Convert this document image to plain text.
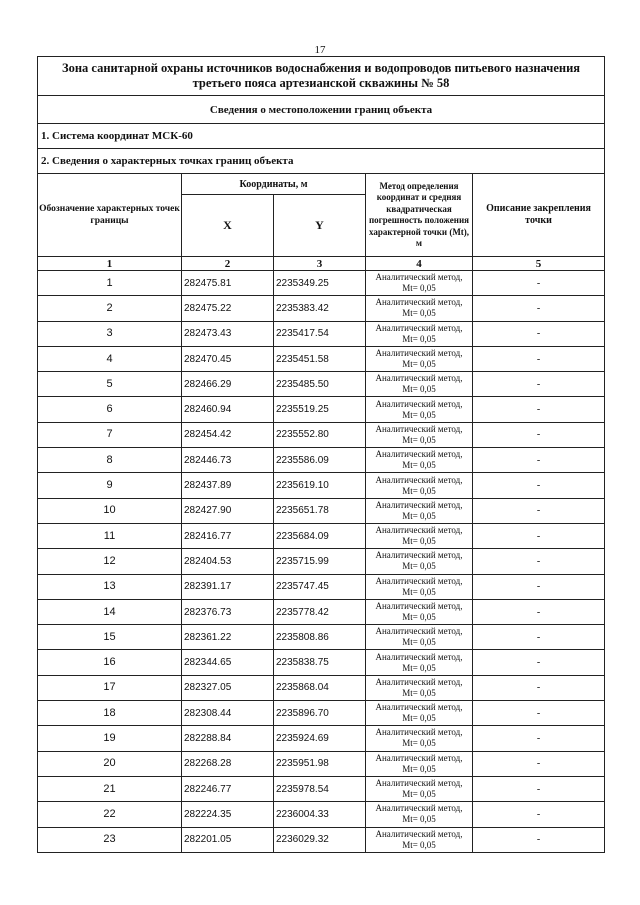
17
Зона санитарной охраны источников водоснабжения и водопроводов питьевого назначения третьего пояса артезианской скважины № 58				
Сведения о местоположении границ объекта				
1. Система координат МСК-60				
2. Сведения о характерных точках границ объекта				
Обозначение характерных точек границы	Координаты, м		Метод определения координат и средняя квадратическая погрешность положения характерной точки (Mt), м	Описание закрепления точки
	X	Y		
1	2	3	4	5
1	282475.81	2235349.25	Аналитический метод,
Mt= 0,05	-
2	282475.22	2235383.42	Аналитический метод,
Mt= 0,05	-
3	282473.43	2235417.54	Аналитический метод,
Mt= 0,05	-
4	282470.45	2235451.58	Аналитический метод,
Mt= 0,05	-
5	282466.29	2235485.50	Аналитический метод,
Mt= 0,05	-
6	282460.94	2235519.25	Аналитический метод,
Mt= 0,05	-
7	282454.42	2235552.80	Аналитический метод,
Mt= 0,05	-
8	282446.73	2235586.09	Аналитический метод,
Mt= 0,05	-
9	282437.89	2235619.10	Аналитический метод,
Mt= 0,05	-
10	282427.90	2235651.78	Аналитический метод,
Mt= 0,05	-
11	282416.77	2235684.09	Аналитический метод,
Mt= 0,05	-
12	282404.53	2235715.99	Аналитический метод,
Mt= 0,05	-
13	282391.17	2235747.45	Аналитический метод,
Mt= 0,05	-
14	282376.73	2235778.42	Аналитический метод,
Mt= 0,05	-
15	282361.22	2235808.86	Аналитический метод,
Mt= 0,05	-
16	282344.65	2235838.75	Аналитический метод,
Mt= 0,05	-
17	282327.05	2235868.04	Аналитический метод,
Mt= 0,05	-
18	282308.44	2235896.70	Аналитический метод,
Mt= 0,05	-
19	282288.84	2235924.69	Аналитический метод,
Mt= 0,05	-
20	282268.28	2235951.98	Аналитический метод,
Mt= 0,05	-
21	282246.77	2235978.54	Аналитический метод,
Mt= 0,05	-
22	282224.35	2236004.33	Аналитический метод,
Mt= 0,05	-
23	282201.05	2236029.32	Аналитический метод,
Mt= 0,05	-
